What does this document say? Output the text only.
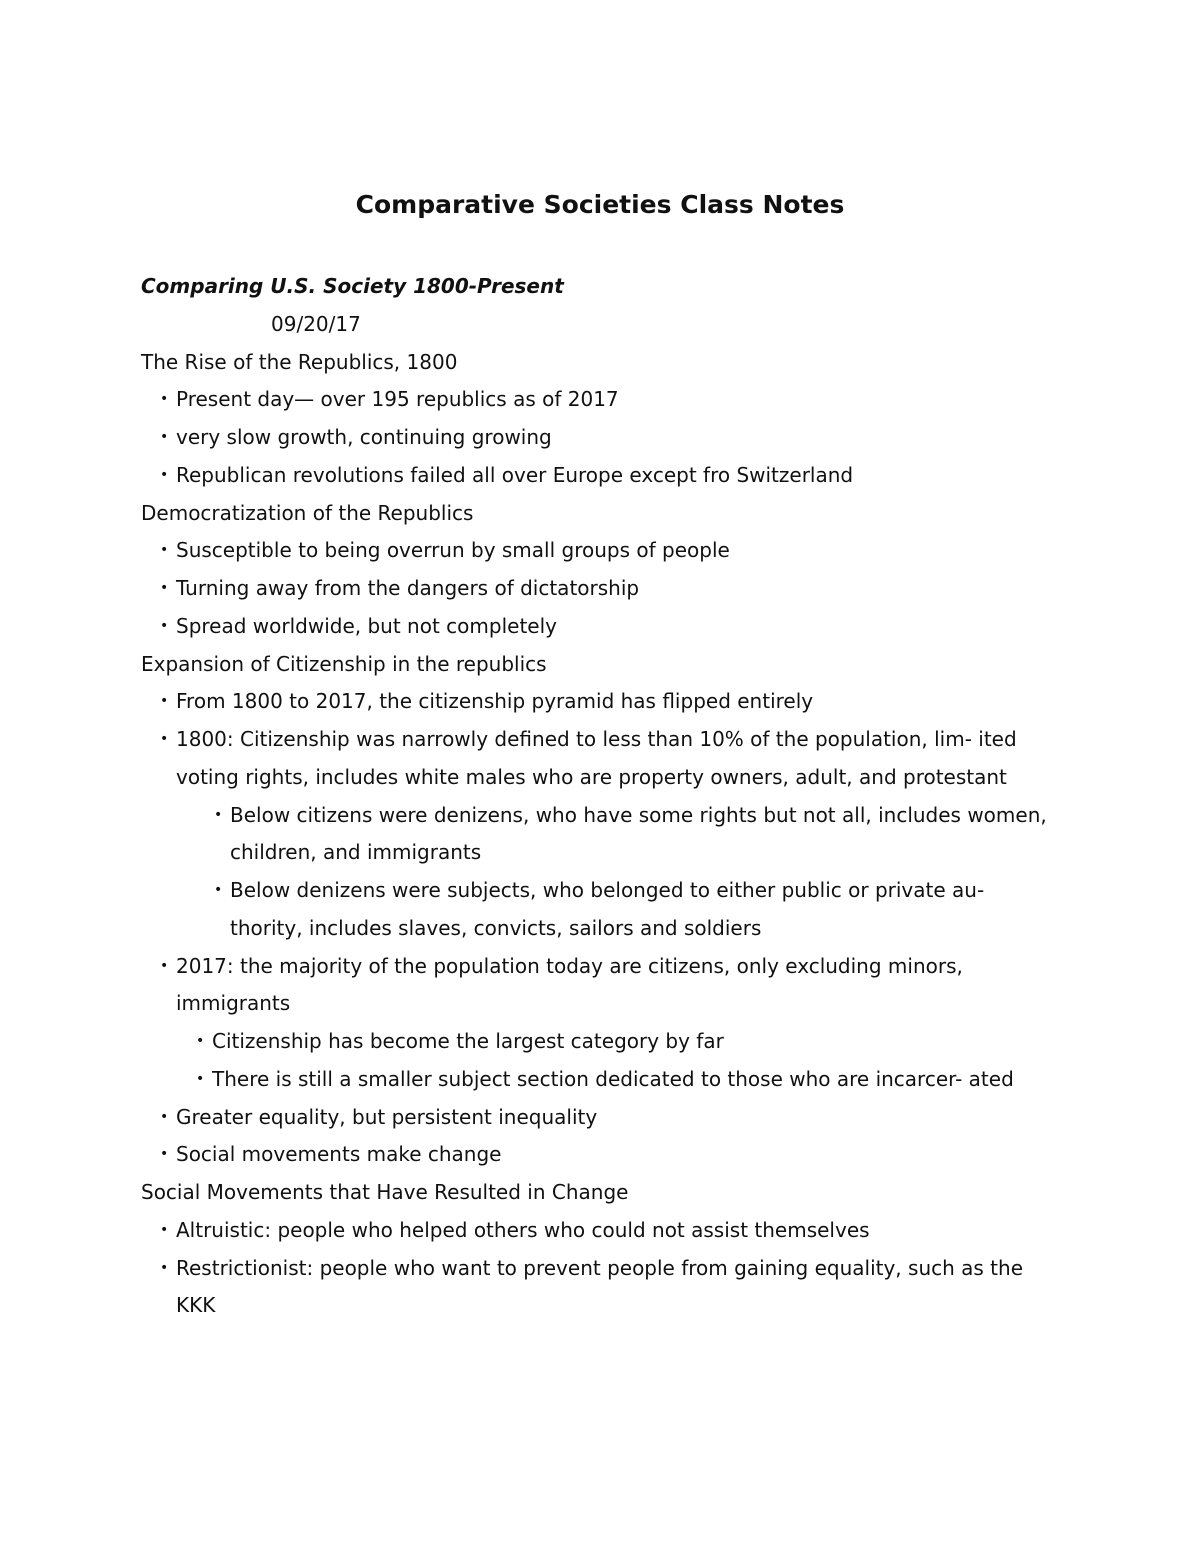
Comparative Societies Class Notes

Comparing U.S. Society 1800-Present

09/20/17

The Rise of the Republics, 1800

• Present day— over 195 republics as of 2017

• very slow growth, continuing growing

• Republican revolutions failed all over Europe except fro Switzerland

Democratization of the Republics

• Susceptible to being overrun by small groups of people

• Turning away from the dangers of dictatorship

• Spread worldwide, but not completely

Expansion of Citizenship in the republics

• From 1800 to 2017, the citizenship pyramid has flipped entirely

• 1800: Citizenship was narrowly defined to less than 10% of the population, lim- ited voting rights, includes white males who are property owners, adult, and protestant

• Below citizens were denizens, who have some rights but not all, includes women, children, and immigrants

• Below denizens were subjects, who belonged to either public or private au- thority, includes slaves, convicts, sailors and soldiers

• 2017: the majority of the population today are citizens, only excluding minors, immigrants

• Citizenship has become the largest category by far

• There is still a smaller subject section dedicated to those who are incarcer- ated

• Greater equality, but persistent inequality

• Social movements make change

Social Movements that Have Resulted in Change

• Altruistic: people who helped others who could not assist themselves

• Restrictionist: people who want to prevent people from gaining equality, such as the KKK
